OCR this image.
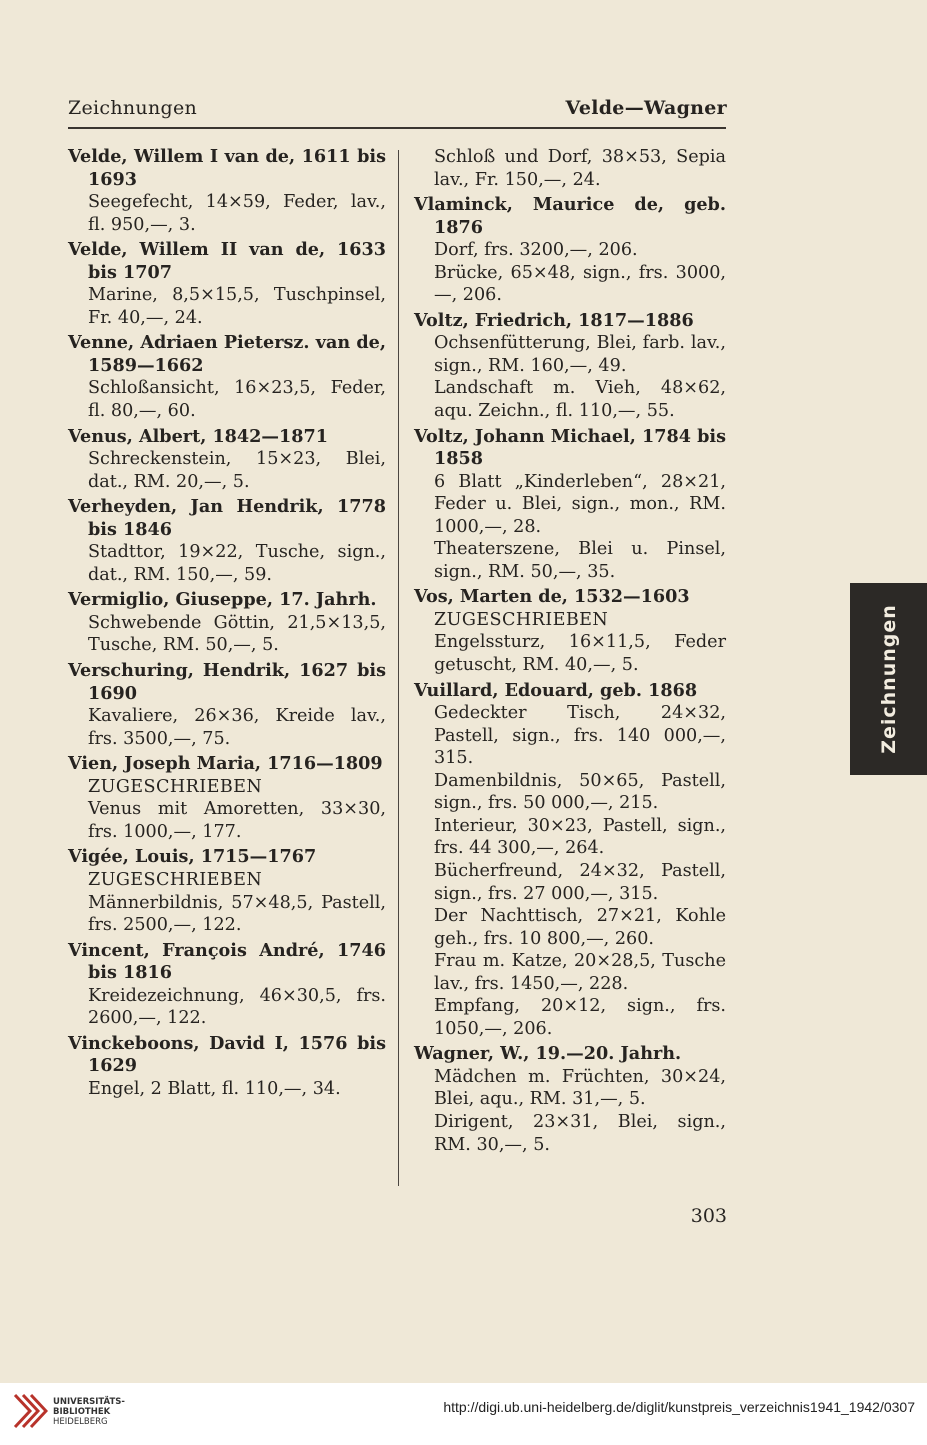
Zeichnungen	Velde—Wagner
Velde, Willem I van de, 1611 bis 1693
Seegefecht, 14×59, Feder, lav., fl. 950,—, 3.
Velde, Willem II van de, 1633 bis 1707
Marine, 8,5×15,5, Tuschpinsel, Fr. 40,—, 24.
Venne, Adriaen Pietersz. van de, 1589—1662
Schloßansicht, 16×23,5, Feder, fl. 80,—, 60.
Venus, Albert, 1842—1871
Schreckenstein, 15×23, Blei, dat., RM. 20,—, 5.
Verheyden, Jan Hendrik, 1778 bis 1846
Stadttor, 19×22, Tusche, sign., dat., RM. 150,—, 59.
Vermiglio, Giuseppe, 17. Jahrh.
Schwebende Göttin, 21,5×13,5, Tusche, RM. 50,—, 5.
Verschuring, Hendrik, 1627 bis 1690
Kavaliere, 26×36, Kreide lav., frs. 3500,—, 75.
Vien, Joseph Maria, 1716—1809
ZUGESCHRIEBEN
Venus mit Amoretten, 33×30, frs. 1000,—, 177.
Vigée, Louis, 1715—1767
ZUGESCHRIEBEN
Männerbildnis, 57×48,5, Pastell, frs. 2500,—, 122.
Vincent, François André, 1746 bis 1816
Kreidezeichnung, 46×30,5, frs. 2600,—, 122.
Vinckeboons, David I, 1576 bis 1629
Engel, 2 Blatt, fl. 110,—, 34.
Schloß und Dorf, 38×53, Sepia lav., Fr. 150,—, 24.
Vlaminck, Maurice de, geb. 1876
Dorf, frs. 3200,—, 206.
Brücke, 65×48, sign., frs. 3000,—, 206.
Voltz, Friedrich, 1817—1886
Ochsenfütterung, Blei, farb. lav., sign., RM. 160,—, 49.
Landschaft m. Vieh, 48×62, aqu. Zeichn., fl. 110,—, 55.
Voltz, Johann Michael, 1784 bis 1858
6 Blatt „Kinderleben“, 28×21, Feder u. Blei, sign., mon., RM. 1000,—, 28.
Theaterszene, Blei u. Pinsel, sign., RM. 50,—, 35.
Vos, Marten de, 1532—1603
ZUGESCHRIEBEN
Engelssturz, 16×11,5, Feder getuscht, RM. 40,—, 5.
Vuillard, Edouard, geb. 1868
Gedeckter Tisch, 24×32, Pastell, sign., frs. 140 000,—, 315.
Damenbildnis, 50×65, Pastell, sign., frs. 50 000,—, 215.
Interieur, 30×23, Pastell, sign., frs. 44 300,—, 264.
Bücherfreund, 24×32, Pastell, sign., frs. 27 000,—, 315.
Der Nachttisch, 27×21, Kohle geh., frs. 10 800,—, 260.
Frau m. Katze, 20×28,5, Tusche lav., frs. 1450,—, 228.
Empfang, 20×12, sign., frs. 1050,—, 206.
Wagner, W., 19.—20. Jahrh.
Mädchen m. Früchten, 30×24, Blei, aqu., RM. 31,—, 5.
Dirigent, 23×31, Blei, sign., RM. 30,—, 5.
303
Zeichnungen
UNIVERSITÄTS-
BIBLIOTHEK
HEIDELBERG
http://digi.ub.uni-heidelberg.de/diglit/kunstpreis_verzeichnis1941_1942/0307
